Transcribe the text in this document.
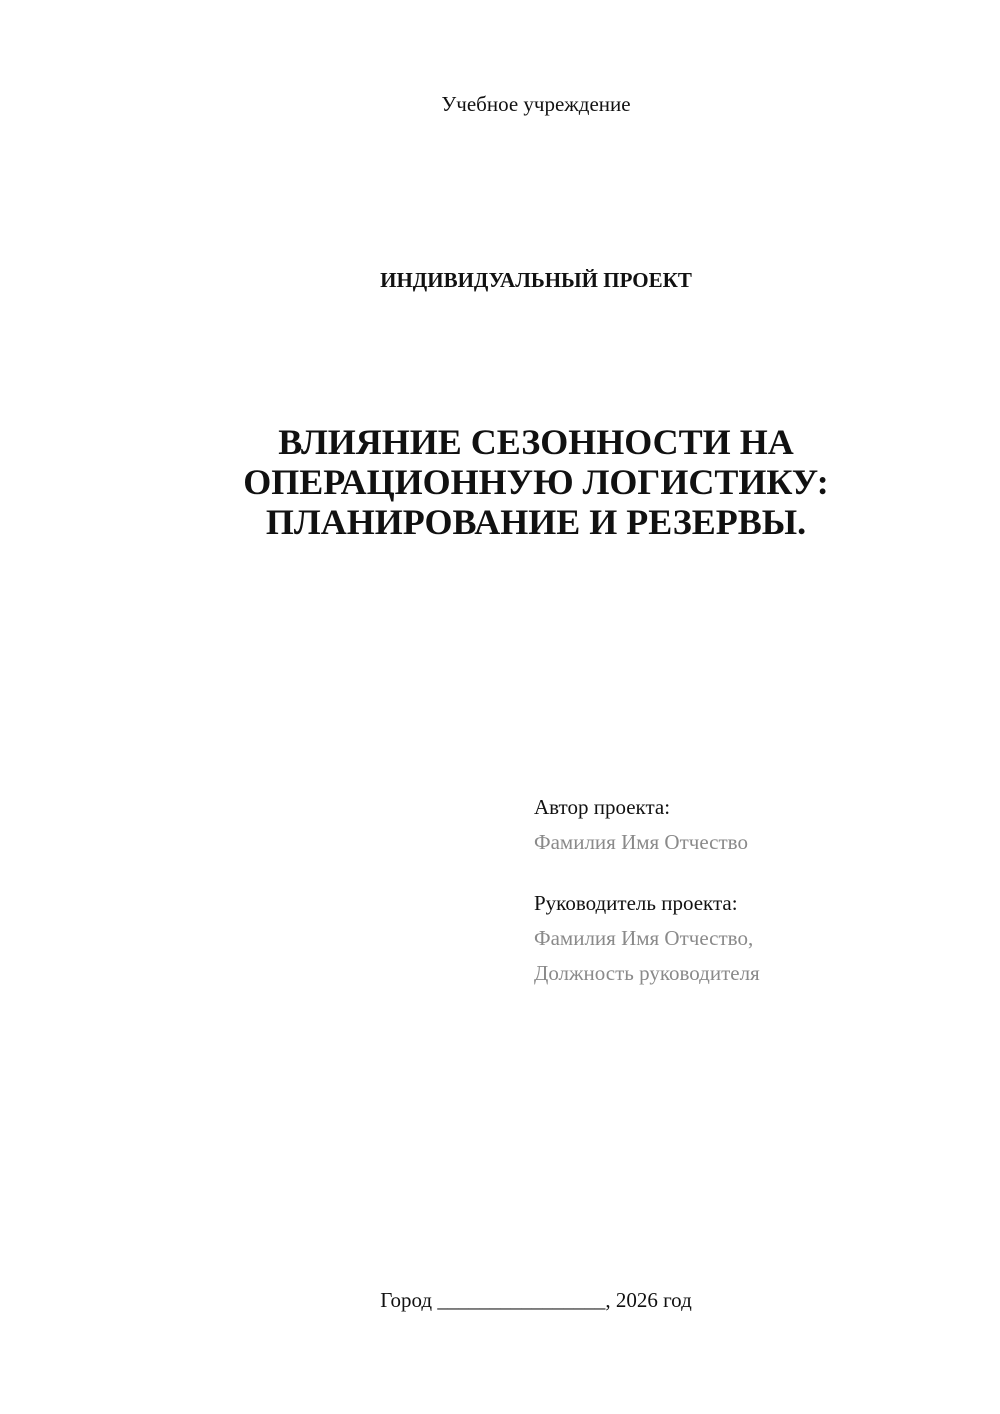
Учебное учреждение
ИНДИВИДУАЛЬНЫЙ ПРОЕКТ
ВЛИЯНИЕ СЕЗОННОСТИ НА
ОПЕРАЦИОННУЮ ЛОГИСТИКУ:
ПЛАНИРОВАНИЕ И РЕЗЕРВЫ.
Автор проекта:
Фамилия Имя Отчество
Руководитель проекта:
Фамилия Имя Отчество,
Должность руководителя
Город ________________, 2026 год
